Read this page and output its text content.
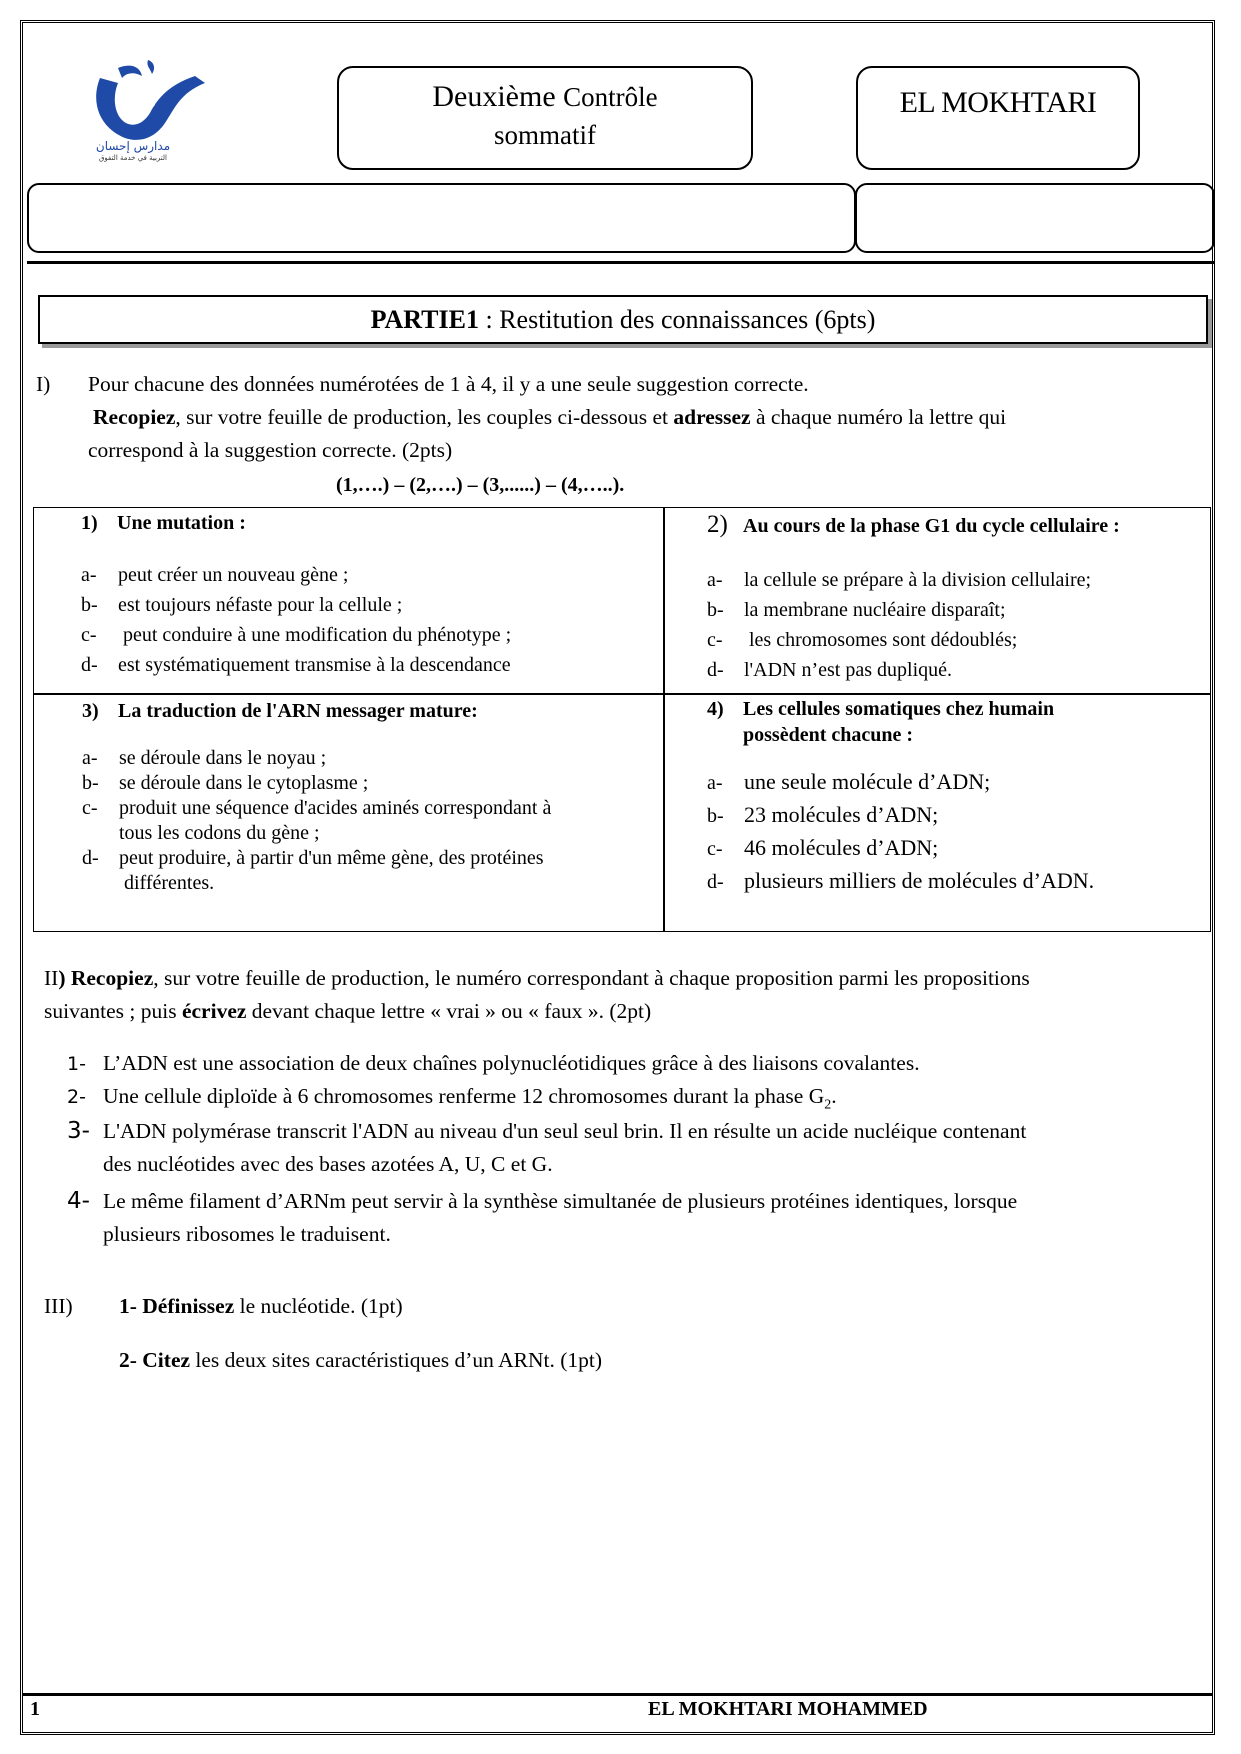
مدارس إحسان
التربية في خدمة التفوق
Deuxième Contrôle
sommatif
EL MOKHTARI
PARTIE1 : Restitution des connaissances (6pts)
I) Pour chacune des données numérotées de 1 à 4, il y a une seule suggestion correcte.
Recopiez, sur votre feuille de production, les couples ci-dessous et adressez à chaque numéro la lettre qui
correspond à la suggestion correcte. (2pts)
(1,….) – (2,….) – (3,......) – (4,…..).
1) Une mutation :
a- peut créer un nouveau gène ;
b- est toujours néfaste pour la cellule ;
c- peut conduire à une modification du phénotype ;
d- est systématiquement transmise à la descendance
2) Au cours de la phase G1 du cycle cellulaire :
a- la cellule se prépare à la division cellulaire;
b- la membrane nucléaire disparaît;
c- les chromosomes sont dédoublés;
d- l'ADN n’est pas dupliqué.
3) La traduction de l'ARN messager mature:
a- se déroule dans le noyau ;
b- se déroule dans le cytoplasme ;
c- produit une séquence d'acides aminés correspondant à
tous les codons du gène ;
d- peut produire, à partir d'un même gène, des protéines
différentes.
4) Les cellules somatiques chez humain
possèdent chacune :
a- une seule molécule d’ADN;
b- 23 molécules d’ADN;
c- 46 molécules d’ADN;
d- plusieurs milliers de molécules d’ADN.
II) Recopiez, sur votre feuille de production, le numéro correspondant à chaque proposition parmi les propositions
suivantes ; puis écrivez devant chaque lettre « vrai » ou « faux ». (2pt)
1- L’ADN est une association de deux chaînes polynucléotidiques grâce à des liaisons covalantes.
2- Une cellule diploïde à 6 chromosomes renferme 12 chromosomes durant la phase $G_2$.
3- L'ADN polymérase transcrit l'ADN au niveau d'un seul seul brin. Il en résulte un acide nucléique contenant
des nucléotides avec des bases azotées A, U, C et G.
4- Le même filament d’ARNm peut servir à la synthèse simultanée de plusieurs protéines identiques, lorsque
plusieurs ribosomes le traduisent.
III) 1- Définissez le nucléotide. (1pt)
2- Citez les deux sites caractéristiques d’un ARNt. (1pt)
1	EL MOKHTARI MOHAMMED
